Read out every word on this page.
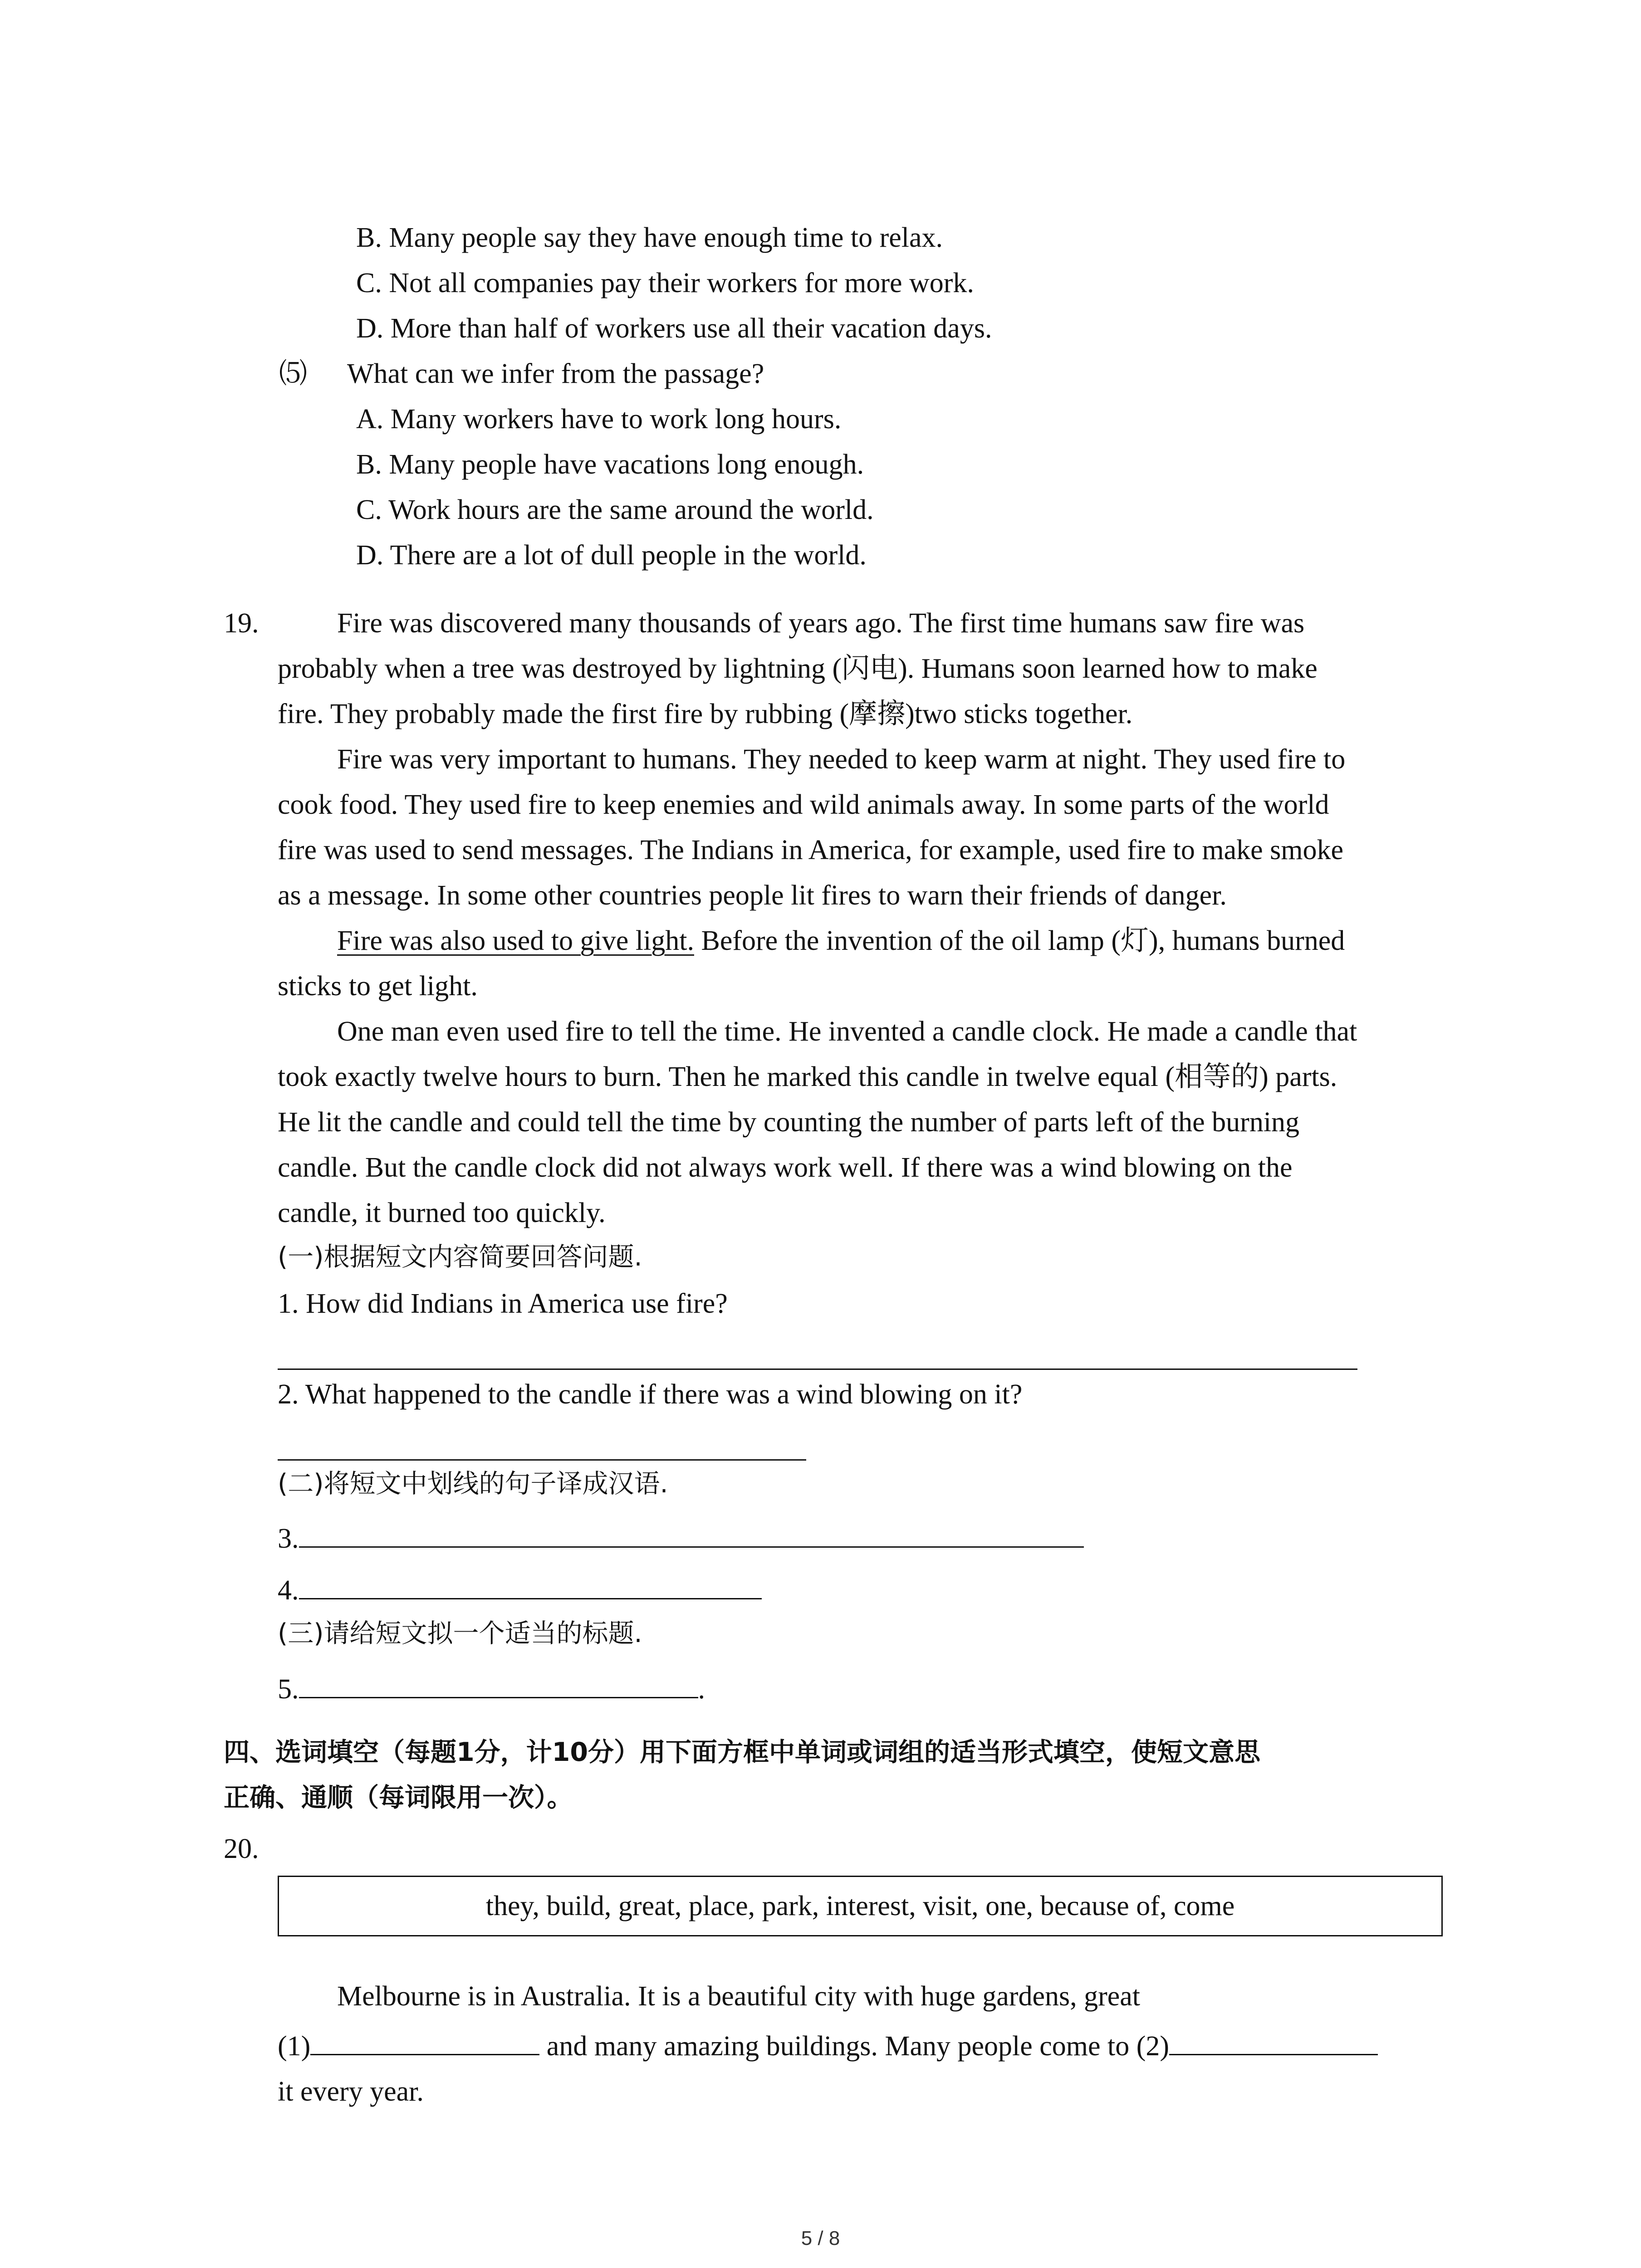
B. Many people say they have enough time to relax.
C. Not all companies pay their workers for more work.
D. More than half of workers use all their vacation days.
⑸ What can we infer from the passage?
A. Many workers have to work long hours.
B. Many people have vacations long enough.
C. Work hours are the same around the world.
D. There are a lot of dull people in the world.
19.	Fire was discovered many thousands of years ago. The first time humans saw fire was
probably when a tree was destroyed by lightning (闪电). Humans soon learned how to make
fire. They probably made the first fire by rubbing (摩擦)two sticks together.
Fire was very important to humans. They needed to keep warm at night. They used fire to
cook food. They used fire to keep enemies and wild animals away. In some parts of the world
fire was used to send messages. The Indians in America, for example, used fire to make smoke
as a message. In some other countries people lit fires to warn their friends of danger.
Fire was also used to give light. Before the invention of the oil lamp (灯), humans burned
sticks to get light.
One man even used fire to tell the time. He invented a candle clock. He made a candle that
took exactly twelve hours to burn. Then he marked this candle in twelve equal (相等的) parts.
He lit the candle and could tell the time by counting the number of parts left of the burning
candle. But the candle clock did not always work well. If there was a wind blowing on the
candle, it burned too quickly.
(一)根据短文内容简要回答问题.
1. How did Indians in America use fire?
2. What happened to the candle if there was a wind blowing on it?
(二)将短文中划线的句子译成汉语.
3.
4.
(三)请给短文拟一个适当的标题.
5.	.
四、选词填空（每题1分，计10分）用下面方框中单词或词组的适当形式填空，使短文意思
正确、通顺（每词限用一次）。
20.
they, build, great, place, park, interest, visit, one, because of, come
Melbourne is in Australia. It is a beautiful city with huge gardens, great
(1)	and many amazing buildings. Many people come to (2)
it every year.
5 / 8
